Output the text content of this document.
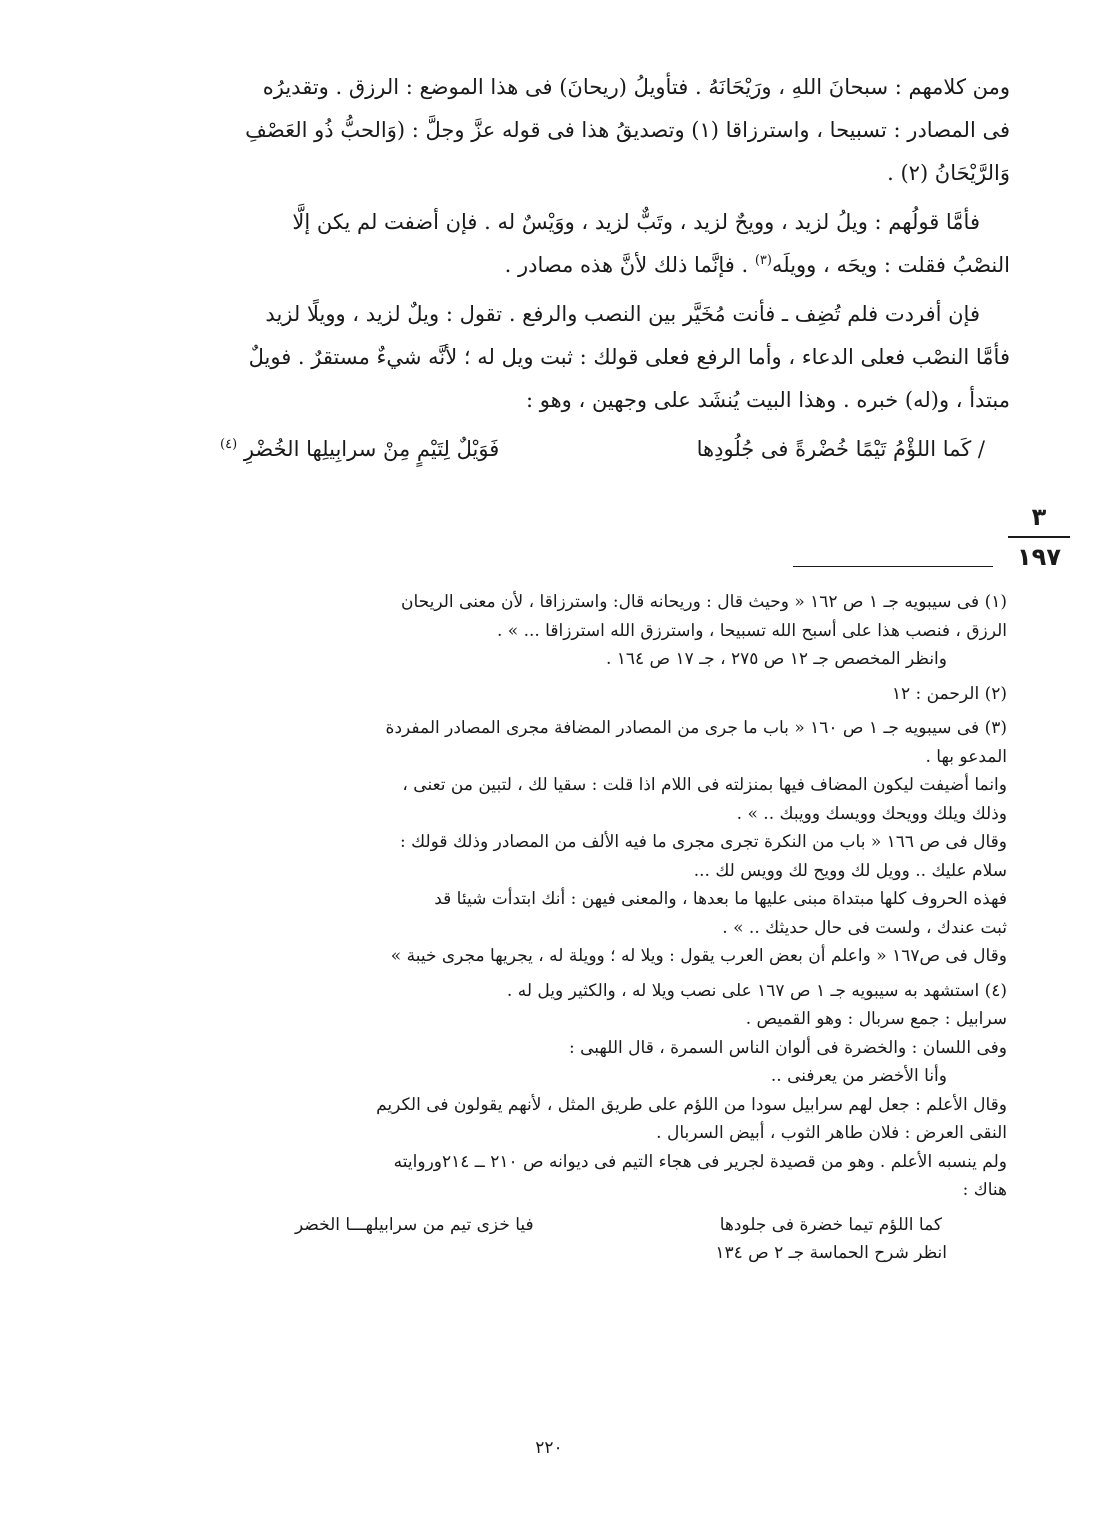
ومن كلامهم : سبحانَ اللهِ ، ورَيْحَانَهُ . فتأويلُ (ريحانَ) فى هذا الموضع : الرزق . وتقديرُه
فى المصادر : تسبيحا ، واسترزاقا (١) وتصديقُ هذا فى قوله عزَّ وجلَّ : (وَالحبُّ ذُو العَصْفِ
وَالرَّيْحَانُ (٢) .

فأمَّا قولُهم : ويلُ لزيد ، وويحٌ لزيد ، وتَبٌّ لزيد ، ووَيْسٌ له . فإن أضفت لم يكن إلَّا
النصْبُ فقلت : ويحَه ، وويلَه$^{(٣)}$ . فإنَّما ذلك لأنَّ هذه مصادر .

فإن أفردت فلم تُضِف ـ فأنت مُخَيَّر بين النصب والرفع . تقول : ويلٌ لزيد ، وويلًا لزيد
فأمَّا النصْب فعلى الدعاء ، وأما الرفع فعلى قولك : ثبت ويل له ؛ لأنَّه شيءٌ مستقرٌ . فويلٌ
مبتدأ ، و(له) خبره . وهذا البيت يُنشَد على وجهين ، وهو :

/ كَما اللؤْمُ تَيْمًا خُضْرةً فى جُلُودِها
فَوَيْلٌ لِتَيْمٍ مِنْ سرابِيلِها الخُضْرِ $^{(٤)}$
٣
١٩٧

(١) فى سيبويه جـ ١ ص ١٦٢ « وحيث قال : وريحانه قال: واسترزاقا ، لأن معنى الريحان
الرزق ، فنصب هذا على أسبح الله تسبيحا ، واسترزق الله استرزاقا ... » .
وانظر المخصص جـ ١٢ ص ٢٧٥ ، جـ ١٧ ص ١٦٤ .

(٢) الرحمن : ١٢

(٣) فى سيبويه جـ ١ ص ١٦٠ « باب ما جرى من المصادر المضافة مجرى المصادر المفردة
المدعو بها .
وانما أضيفت ليكون المضاف فيها بمنزلته فى اللام اذا قلت : سقيا لك ، لتبين من تعنى ،
وذلك ويلك وويحك وويسك وويبك .. » .
وقال فى ص ١٦٦ « باب من النكرة تجرى مجرى ما فيه الألف من المصادر وذلك قولك :
سلام عليك .. وويل لك وويح لك وويس لك ...
فهذه الحروف كلها مبتداة مبنى عليها ما بعدها ، والمعنى فيهن : أنك ابتدأت شيئا قد
ثبت عندك ، ولست فى حال حديثك .. » .
وقال فى ص١٦٧ « واعلم أن بعض العرب يقول : ويلا له ؛ وويلة له ، يجريها مجرى خيبة »

(٤) استشهد به سيبويه جـ ١ ص ١٦٧ على نصب ويلا له ، والكثير ويل له .
سرابيل : جمع سربال : وهو القميص .
وفى اللسان : والخضرة فى ألوان الناس السمرة ، قال اللهبى :
وأنا الأخضر من يعرفنى ..
وقال الأعلم : جعل لهم سرابيل سودا من اللؤم على طريق المثل ، لأنهم يقولون فى الكريم
النقى العرض : فلان طاهر الثوب ، أبيض السربال .
ولم ينسبه الأعلم . وهو من قصيدة لجرير فى هجاء التيم فى ديوانه ص ٢١٠ ــ ٢١٤وروايته
هناك :

كما اللؤم تيما خضرة فى جلودها
فيا خزى تيم من سرابيلهـــا الخضر

انظر شرح الحماسة جـ ٢ ص ١٣٤

٢٢٠
